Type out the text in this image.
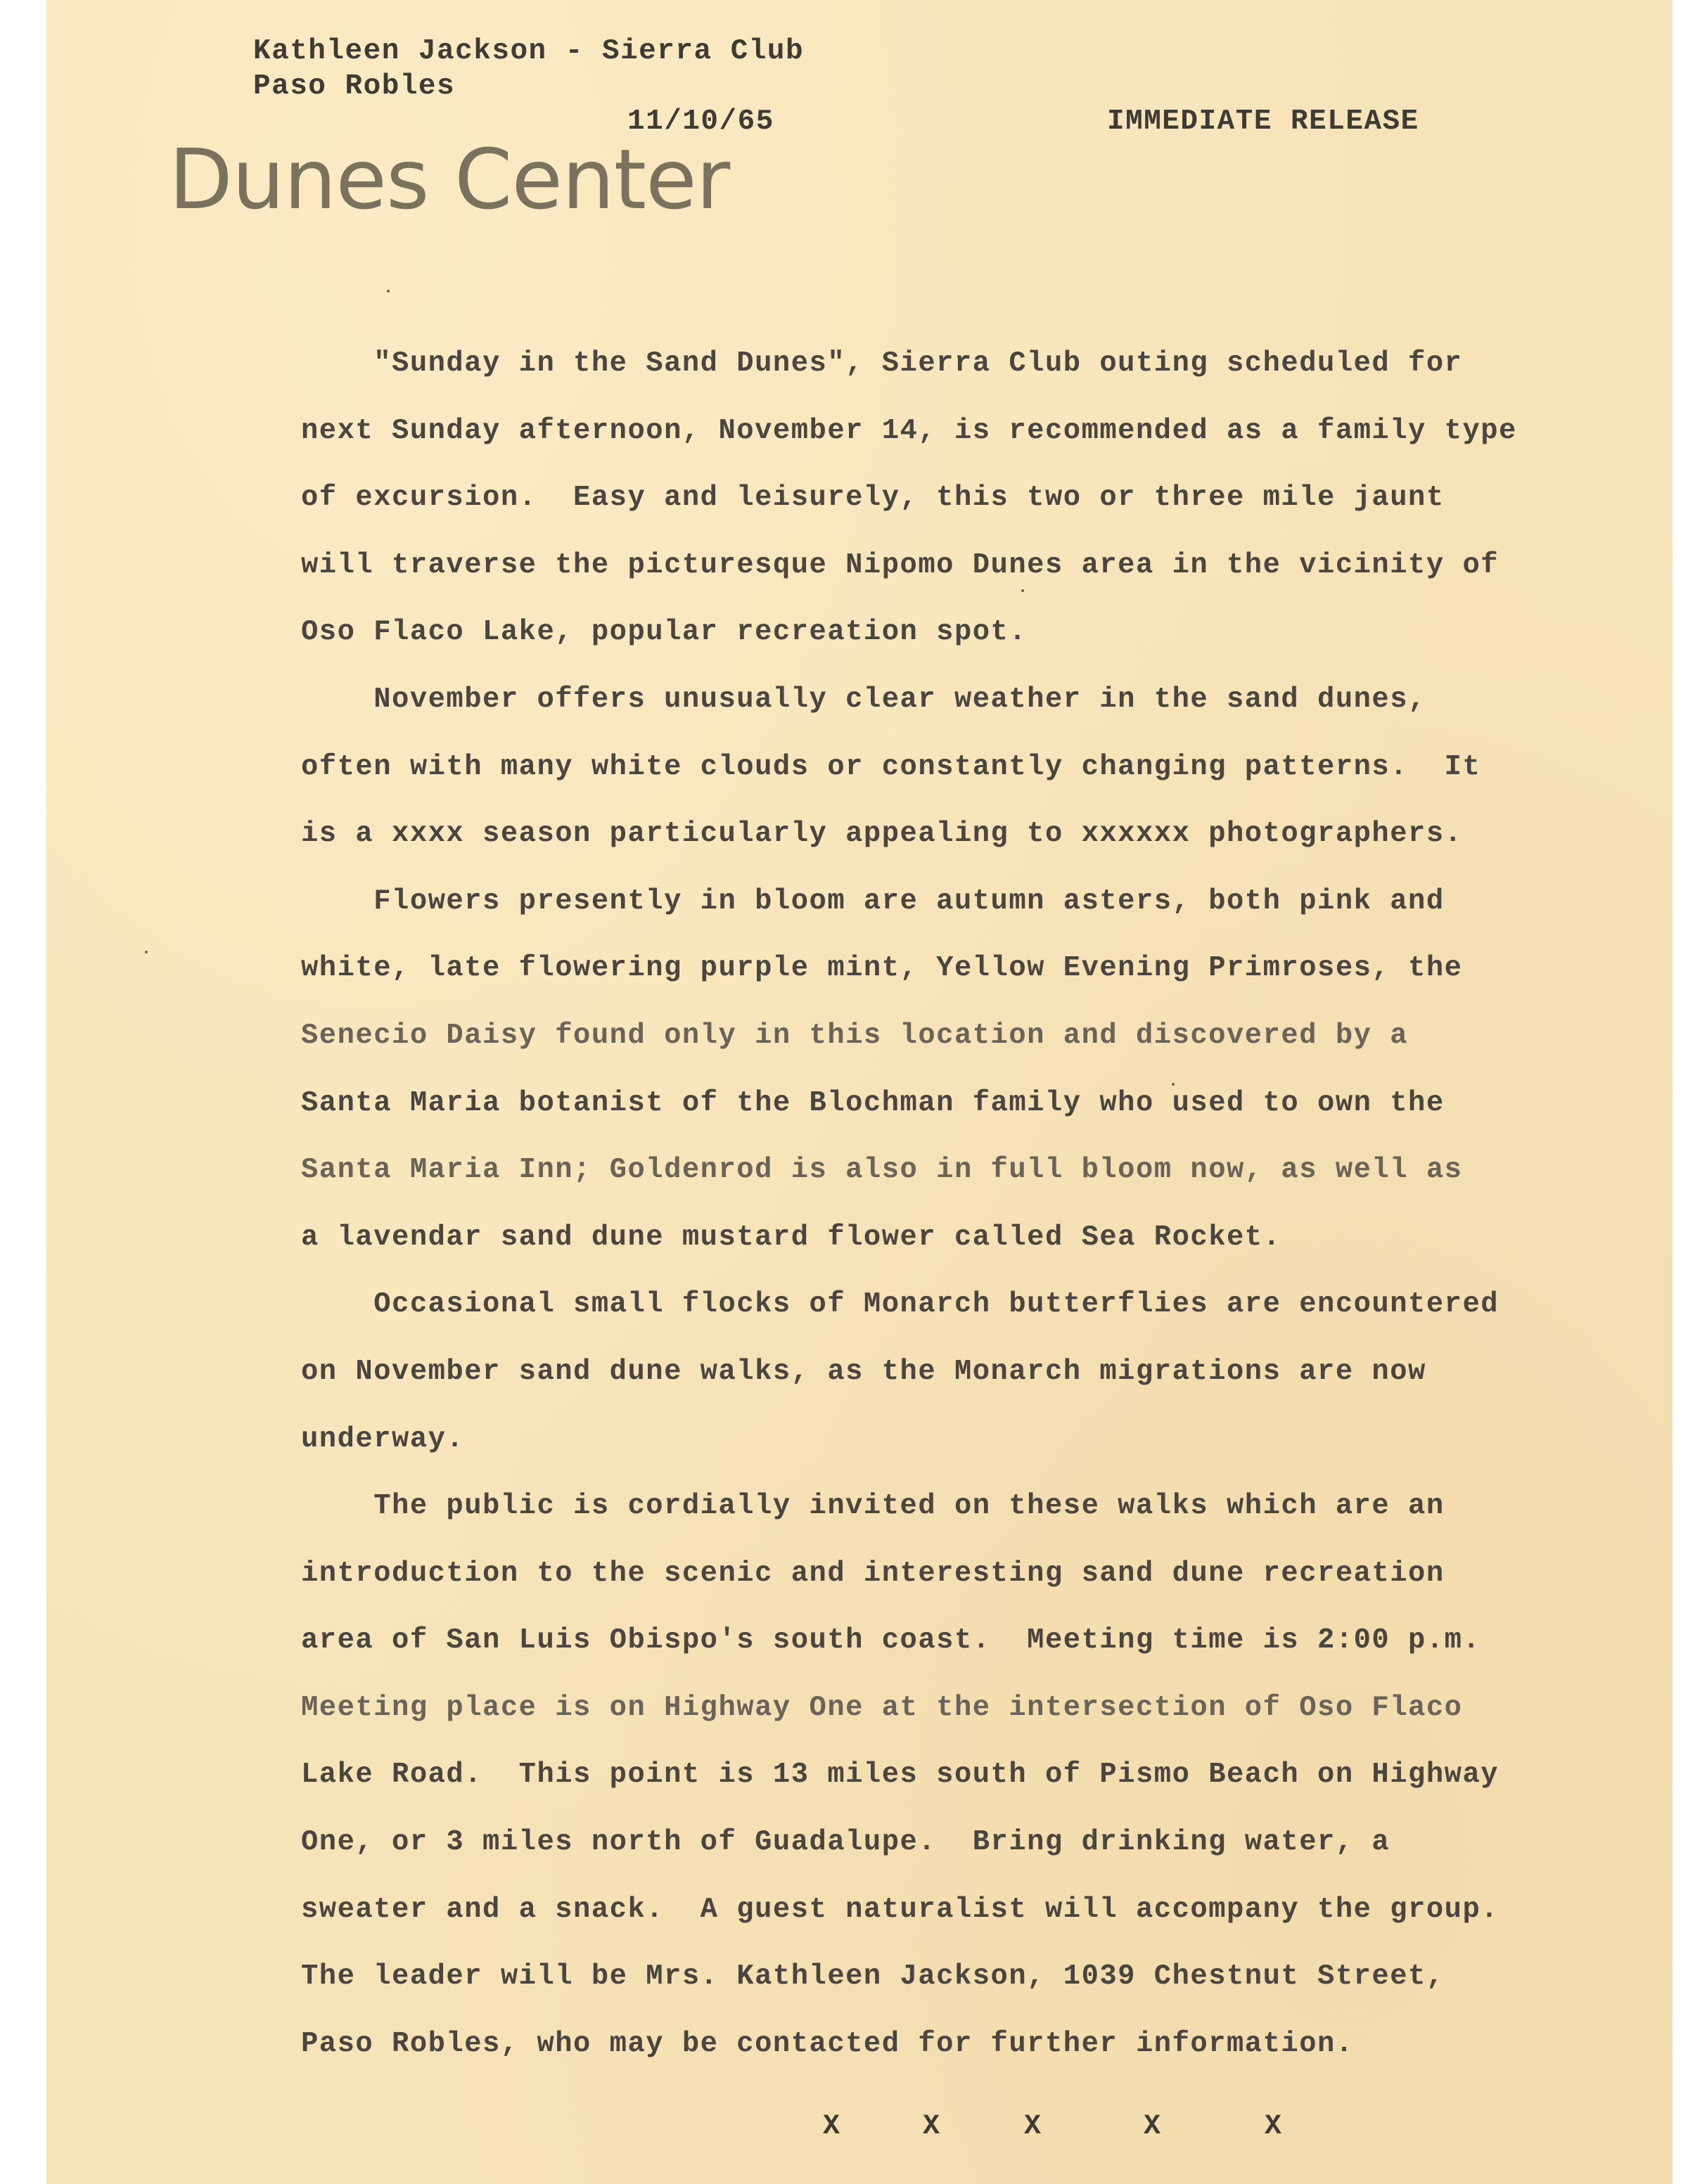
Kathleen Jackson - Sierra Club
Paso Robles
11/10/65	IMMEDIATE RELEASE
Dunes Center
"Sunday in the Sand Dunes", Sierra Club outing scheduled for
next Sunday afternoon, November 14, is recommended as a family type
of excursion.  Easy and leisurely, this two or three mile jaunt
will traverse the picturesque Nipomo Dunes area in the vicinity of
Oso Flaco Lake, popular recreation spot.
November offers unusually clear weather in the sand dunes,
often with many white clouds or constantly changing patterns.  It
is a xxxx season particularly appealing to xxxxxx photographers.
Flowers presently in bloom are autumn asters, both pink and
white, late flowering purple mint, Yellow Evening Primroses, the
Senecio Daisy found only in this location and discovered by a
Santa Maria botanist of the Blochman family who used to own the
Santa Maria Inn; Goldenrod is also in full bloom now, as well as
a lavendar sand dune mustard flower called Sea Rocket.
Occasional small flocks of Monarch butterflies are encountered
on November sand dune walks, as the Monarch migrations are now
underway.
The public is cordially invited on these walks which are an
introduction to the scenic and interesting sand dune recreation
area of San Luis Obispo's south coast.  Meeting time is 2:00 p.m.
Meeting place is on Highway One at the intersection of Oso Flaco
Lake Road.  This point is 13 miles south of Pismo Beach on Highway
One, or 3 miles north of Guadalupe.  Bring drinking water, a
sweater and a snack.  A guest naturalist will accompany the group.
The leader will be Mrs. Kathleen Jackson, 1039 Chestnut Street,
Paso Robles, who may be contacted for further information.
X	X	X	X	X
